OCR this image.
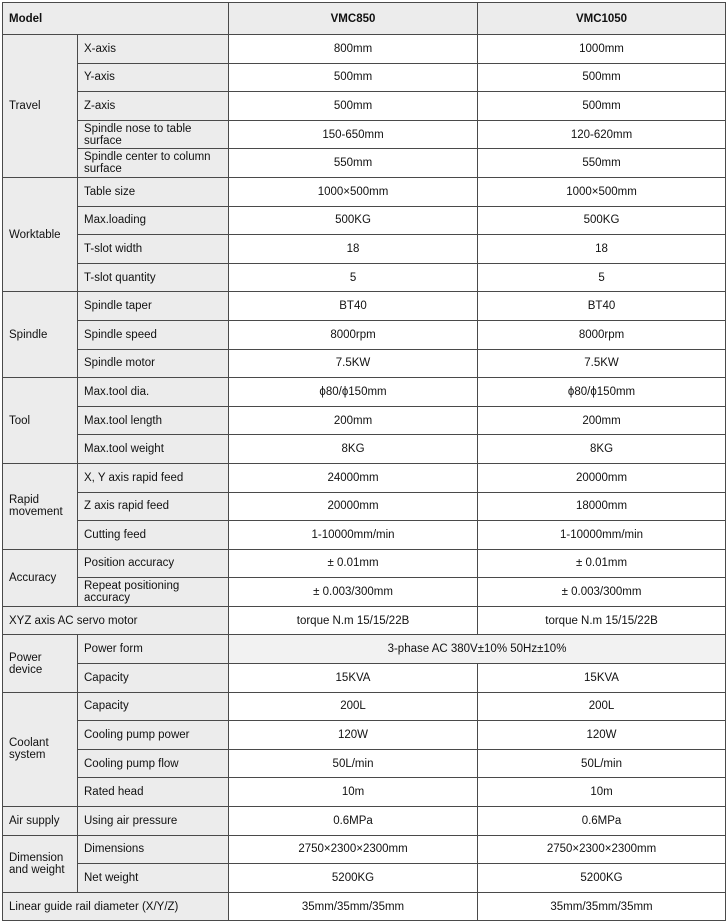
Model		VMC850	VMC1050
Travel	X-axis	800mm	1000mm
	Y-axis	500mm	500mm
	Z-axis	500mm	500mm
	Spindle nose to table surface	150-650mm	120-620mm
	Spindle center to column surface	550mm	550mm
Worktable	Table size	1000×500mm	1000×500mm
	Max.loading	500KG	500KG
	T-slot width	18	18
	T-slot quantity	5	5
Spindle	Spindle taper	BT40	BT40
	Spindle speed	8000rpm	8000rpm
	Spindle motor	7.5KW	7.5KW
Tool	Max.tool dia.	ϕ80/ϕ150mm	ϕ80/ϕ150mm
	Max.tool length	200mm	200mm
	Max.tool weight	8KG	8KG
Rapid movement	X, Y axis rapid feed	24000mm	20000mm
	Z axis rapid feed	20000mm	18000mm
	Cutting feed	1-10000mm/min	1-10000mm/min
Accuracy	Position accuracy	± 0.01mm	± 0.01mm
	Repeat positioning accuracy	± 0.003/300mm	± 0.003/300mm
XYZ axis AC servo motor		torque N.m 15/15/22B	torque N.m 15/15/22B
Power device	Power form	3-phase AC 380V±10% 50Hz±10%	
	Capacity	15KVA	15KVA
Coolant system	Capacity	200L	200L
	Cooling pump power	120W	120W
	Cooling pump flow	50L/min	50L/min
	Rated head	10m	10m
Air supply	Using air pressure	0.6MPa	0.6MPa
Dimension and weight	Dimensions	2750×2300×2300mm	2750×2300×2300mm
	Net weight	5200KG	5200KG
Linear guide rail diameter (X/Y/Z)		35mm/35mm/35mm	35mm/35mm/35mm
